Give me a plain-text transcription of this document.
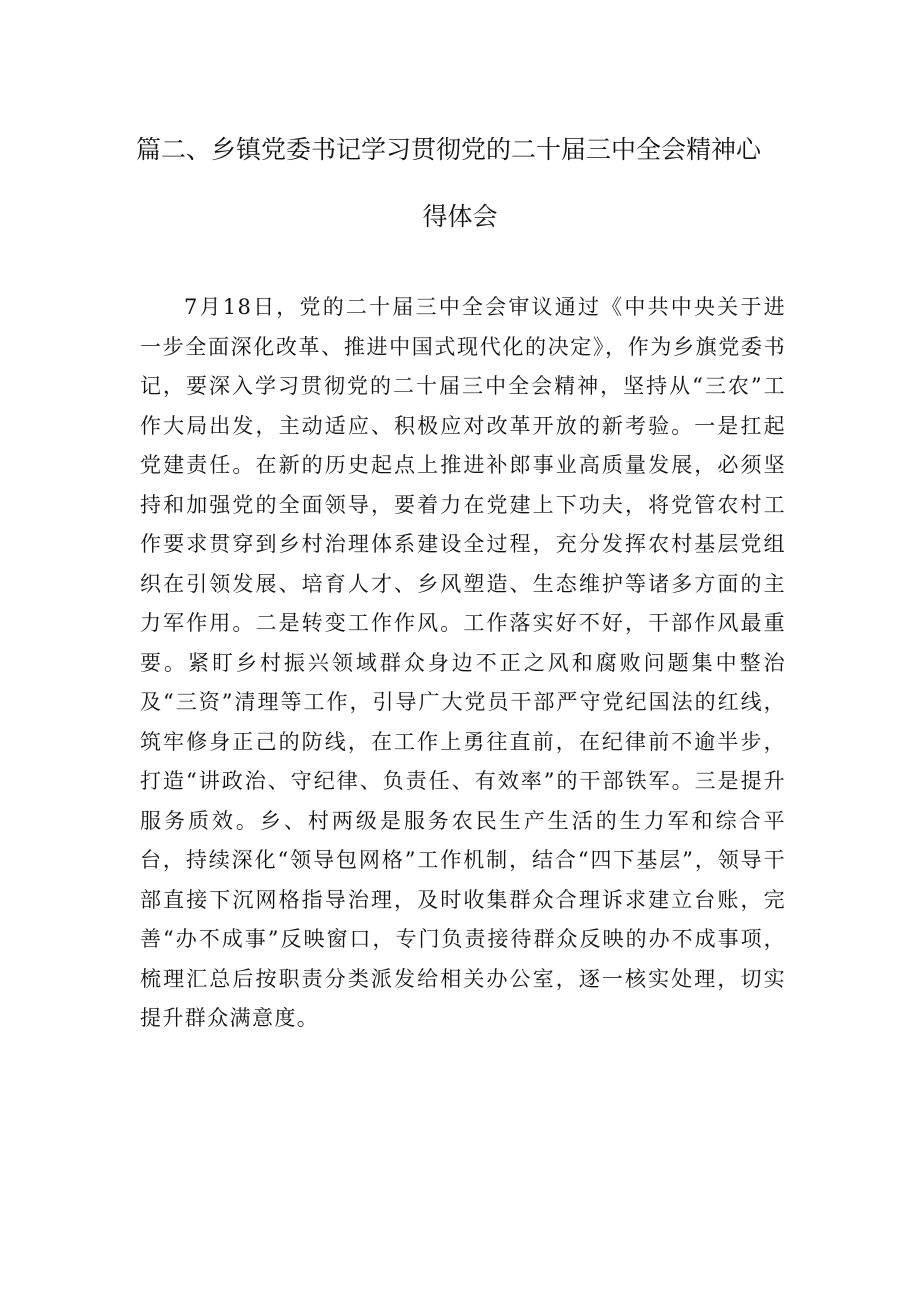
篇二、乡镇党委书记学习贯彻党的二十届三中全会精神心
得体会

7月18日，党的二十届三中全会审议通过《中共中央关于进一步全面深化改革、推进中国式现代化的决定》，作为乡旗党委书记，要深入学习贯彻党的二十届三中全会精神，坚持从“三农”工作大局出发，主动适应、积极应对改革开放的新考验。一是扛起党建责任。在新的历史起点上推进补郎事业高质量发展，必须坚持和加强党的全面领导，要着力在党建上下功夫，将党管农村工作要求贯穿到乡村治理体系建设全过程，充分发挥农村基层党组织在引领发展、培育人才、乡风塑造、生态维护等诸多方面的主力军作用。二是转变工作作风。工作落实好不好，干部作风最重要。紧盯乡村振兴领域群众身边不正之风和腐败问题集中整治及“三资”清理等工作，引导广大党员干部严守党纪国法的红线，筑牢修身正己的防线，在工作上勇往直前，在纪律前不逾半步，打造“讲政治、守纪律、负责任、有效率”的干部铁军。三是提升服务质效。乡、村两级是服务农民生产生活的生力军和综合平台，持续深化“领导包网格”工作机制，结合“四下基层”，领导干部直接下沉网格指导治理，及时收集群众合理诉求建立台账，完善“办不成事”反映窗口，专门负责接待群众反映的办不成事项，梳理汇总后按职责分类派发给相关办公室，逐一核实处理，切实提升群众满意度。
